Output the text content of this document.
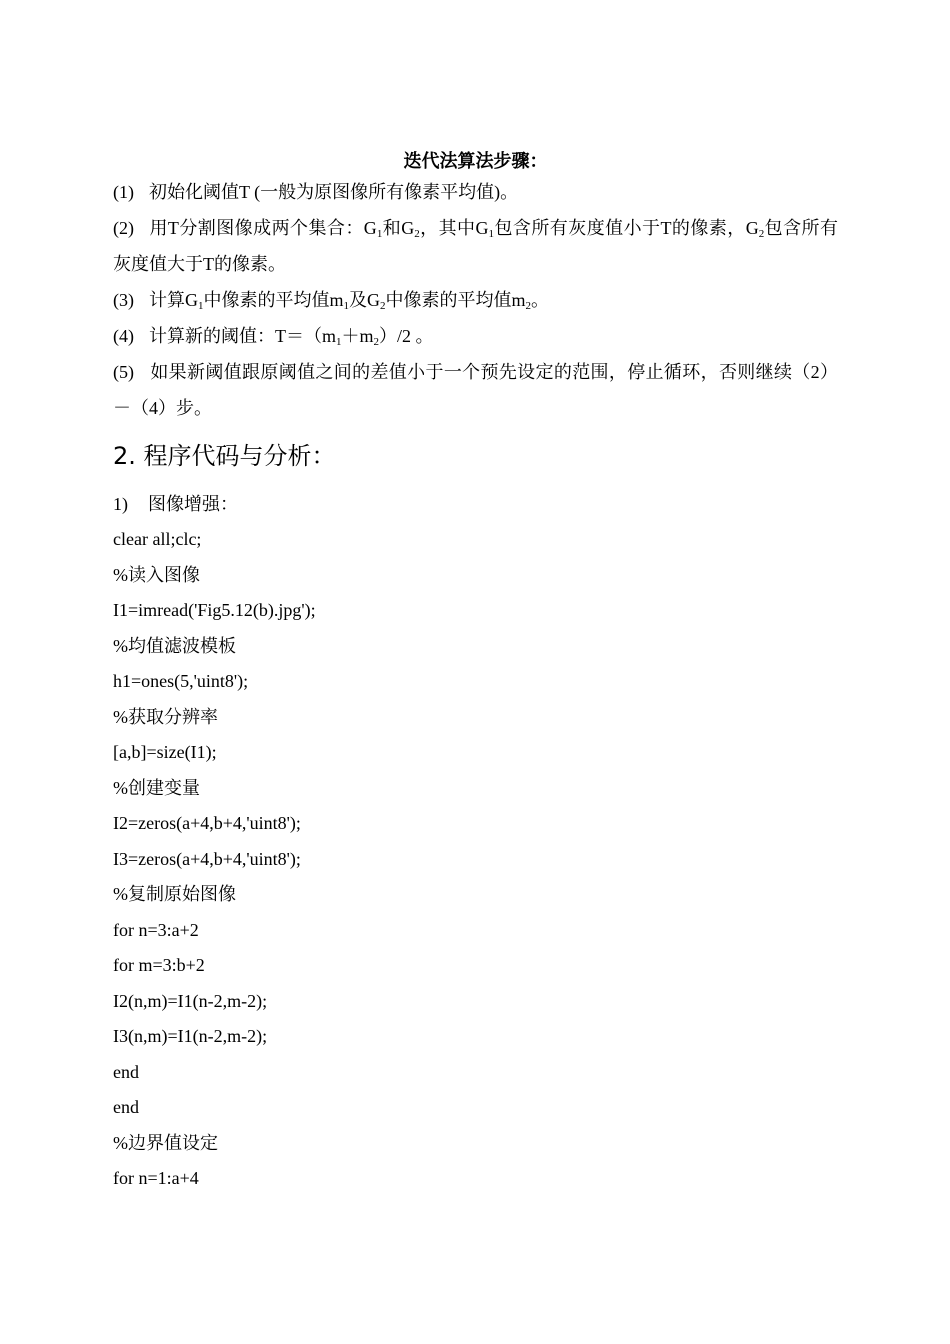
迭代法算法步骤：

(1) 初始化阈值T (一般为原图像所有像素平均值)。

(2) 用T分割图像成两个集合：$G_1$和$G_2$，其中$G_1$包含所有灰度值小于T的像素，$G_2$包含所有灰度值大于T的像素。

(3) 计算$G_1$中像素的平均值$m_1$及$G_2$中像素的平均值$m_2$。

(4) 计算新的阈值：$T=(m_1+m_2)/2$ 。

(5) 如果新阈值跟原阈值之间的差值小于一个预先设定的范围，停止循环，否则继续（2）－（4）步。

2. 程序代码与分析：

1) 图像增强：

clear all;clc;

%读入图像

I1=imread('Fig5.12(b).jpg');

%均值滤波模板

h1=ones(5,'uint8');

%获取分辨率

[a,b]=size(I1);

%创建变量

I2=zeros(a+4,b+4,'uint8');

I3=zeros(a+4,b+4,'uint8');

%复制原始图像

for n=3:a+2

for m=3:b+2

I2(n,m)=I1(n-2,m-2);

I3(n,m)=I1(n-2,m-2);

end

end

%边界值设定

for n=1:a+4
